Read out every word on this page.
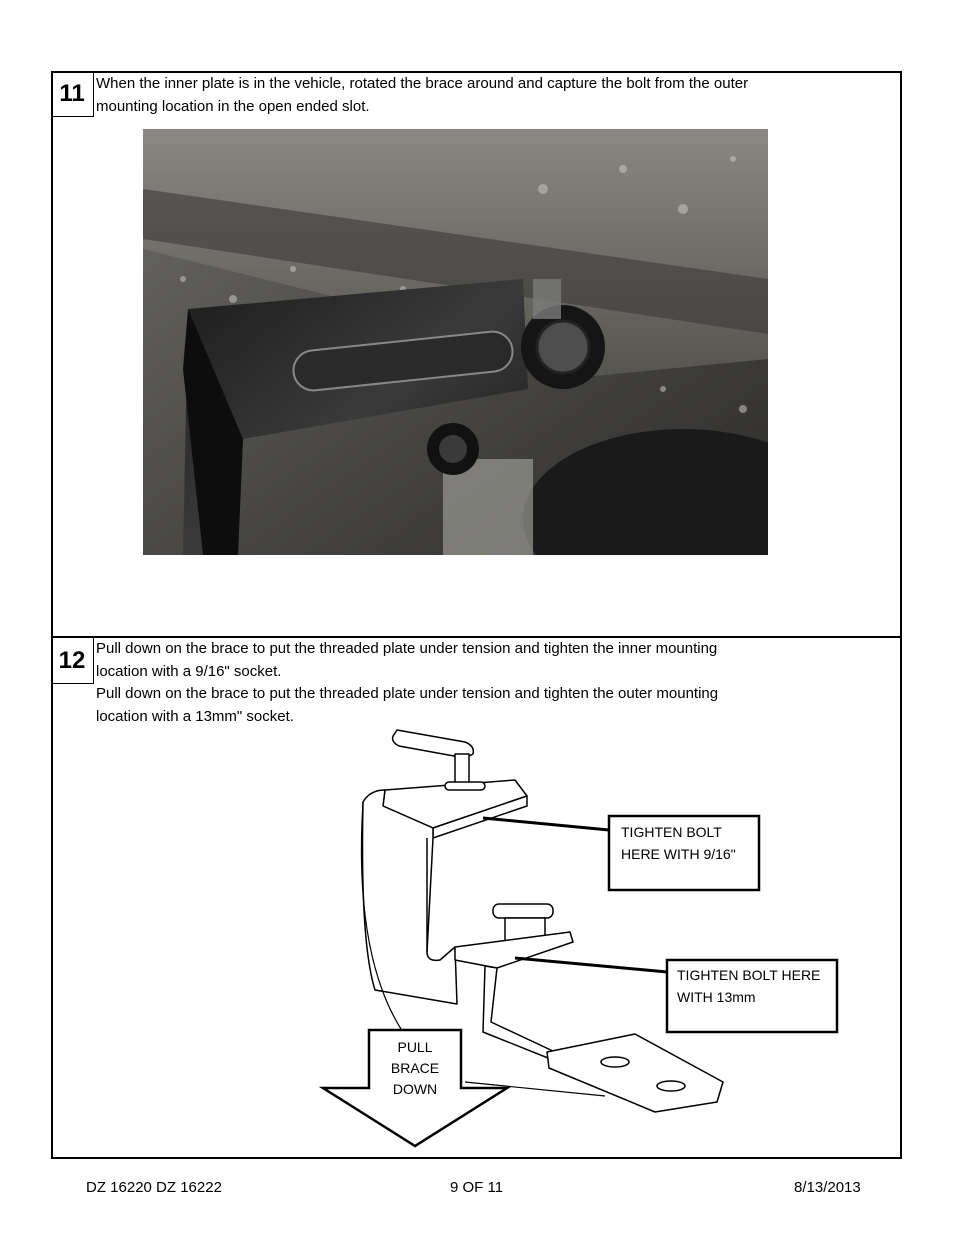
11 When the inner plate is in the vehicle, rotated the brace around and capture the bolt from the outer
mounting location in the open ended slot.
12 Pull down on the brace to put the threaded plate under tension and tighten the inner mounting
location with a 9/16" socket.
Pull down on the brace to put the threaded plate under tension and tighten the outer mounting
location with a 13mm" socket.
TIGHTEN BOLT
HERE WITH 9/16"
TIGHTEN BOLT HERE
WITH 13mm
PULL
BRACE
DOWN
DZ 16220 DZ 16222	9 OF 11	8/13/2013
